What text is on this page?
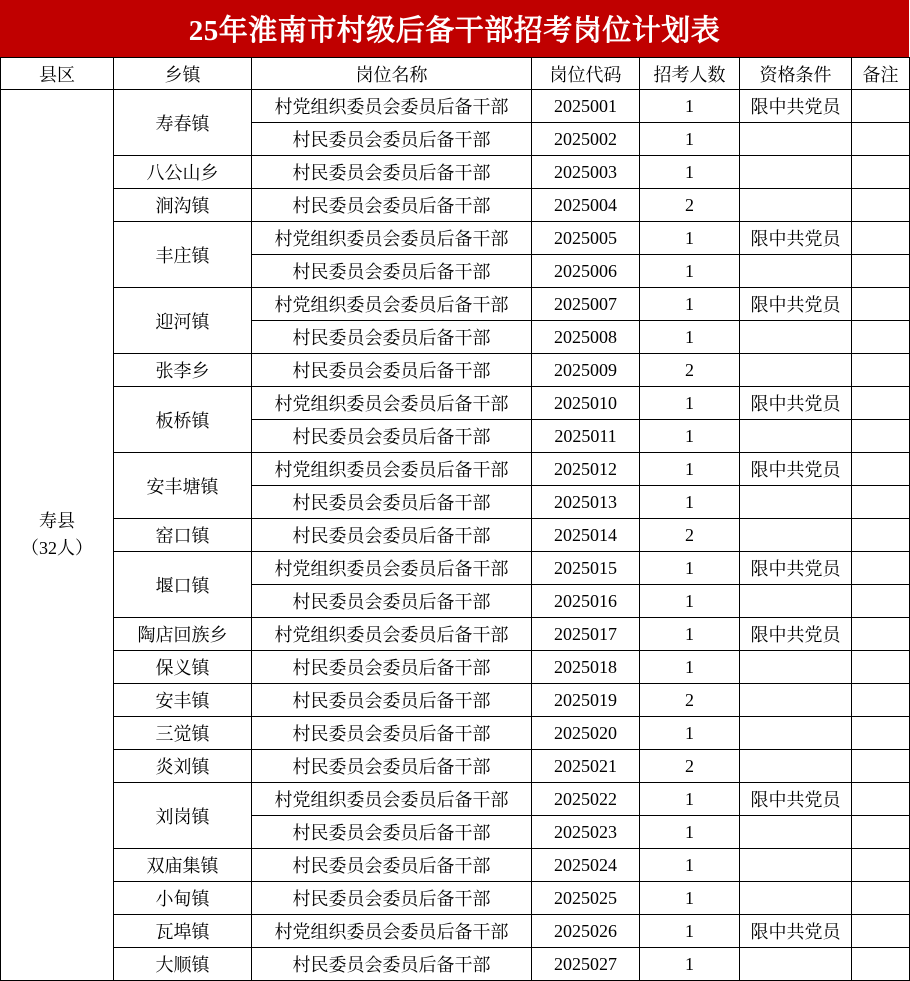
25年淮南市村级后备干部招考岗位计划表
县区	乡镇	岗位名称	岗位代码	招考人数	资格条件	备注

寿县
（32人）	寿春镇	村党组织委员会委员后备干部	2025001	1	限中共党员	
		村民委员会委员后备干部	2025002	1		
	八公山乡	村民委员会委员后备干部	2025003	1		
	涧沟镇	村民委员会委员后备干部	2025004	2		
	丰庄镇	村党组织委员会委员后备干部	2025005	1	限中共党员	
		村民委员会委员后备干部	2025006	1		
	迎河镇	村党组织委员会委员后备干部	2025007	1	限中共党员	
		村民委员会委员后备干部	2025008	1		
	张李乡	村民委员会委员后备干部	2025009	2		
	板桥镇	村党组织委员会委员后备干部	2025010	1	限中共党员	
		村民委员会委员后备干部	2025011	1		
	安丰塘镇	村党组织委员会委员后备干部	2025012	1	限中共党员	
		村民委员会委员后备干部	2025013	1		
	窑口镇	村民委员会委员后备干部	2025014	2		
	堰口镇	村党组织委员会委员后备干部	2025015	1	限中共党员	
		村民委员会委员后备干部	2025016	1		
	陶店回族乡	村党组织委员会委员后备干部	2025017	1	限中共党员	
	保义镇	村民委员会委员后备干部	2025018	1		
	安丰镇	村民委员会委员后备干部	2025019	2		
	三觉镇	村民委员会委员后备干部	2025020	1		
	炎刘镇	村民委员会委员后备干部	2025021	2		
	刘岗镇	村党组织委员会委员后备干部	2025022	1	限中共党员	
		村民委员会委员后备干部	2025023	1		
	双庙集镇	村民委员会委员后备干部	2025024	1		
	小甸镇	村民委员会委员后备干部	2025025	1		
	瓦埠镇	村党组织委员会委员后备干部	2025026	1	限中共党员	
	大顺镇	村民委员会委员后备干部	2025027	1		
